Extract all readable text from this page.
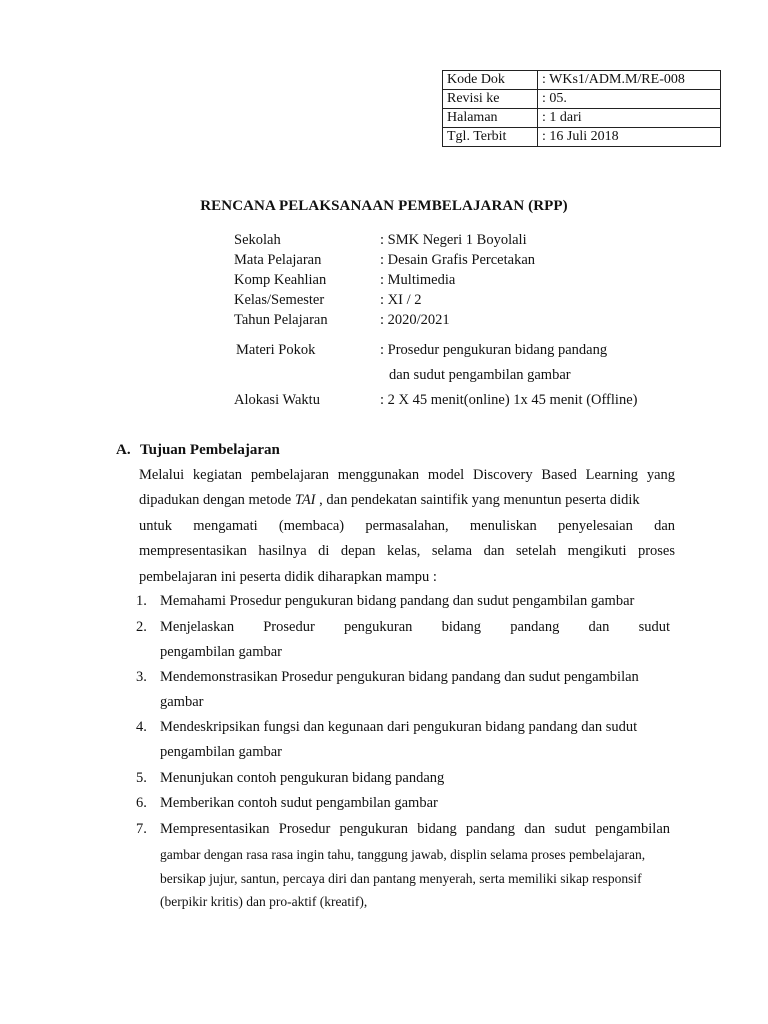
Kode Dok	: WKs1/ADM.M/RE-008
Revisi ke	: 05.
Halaman	: 1 dari
Tgl. Terbit	: 16 Juli 2018
RENCANA PELAKSANAAN PEMBELAJARAN (RPP)
Sekolah	: SMK Negeri 1 Boyolali
Mata Pelajaran	: Desain Grafis Percetakan
Komp Keahlian	: Multimedia
Kelas/Semester	: XI / 2
Tahun Pelajaran	: 2020/2021
Materi Pokok	: Prosedur pengukuran bidang pandang
dan sudut pengambilan gambar
Alokasi Waktu	: 2 X 45 menit(online) 1x 45 menit (Offline)
A. Tujuan Pembelajaran
Melalui kegiatan pembelajaran menggunakan model Discovery Based Learning yang
dipadukan dengan metode TAI , dan pendekatan saintifik yang menuntun peserta didik
untuk mengamati (membaca) permasalahan, menuliskan penyelesaian dan
mempresentasikan hasilnya di depan kelas, selama dan setelah mengikuti proses
pembelajaran ini peserta didik diharapkan mampu :
1. Memahami Prosedur pengukuran bidang pandang dan sudut pengambilan gambar
2. Menjelaskan Prosedur pengukuran bidang pandang dan sudut
pengambilan gambar
3. Mendemonstrasikan Prosedur pengukuran bidang pandang dan sudut pengambilan
gambar
4. Mendeskripsikan fungsi dan kegunaan dari pengukuran bidang pandang dan sudut
pengambilan gambar
5. Menunjukan contoh pengukuran bidang pandang
6. Memberikan contoh sudut pengambilan gambar
7. Mempresentasikan Prosedur pengukuran bidang pandang dan sudut pengambilan
gambar dengan rasa rasa ingin tahu, tanggung jawab, displin selama proses pembelajaran,
bersikap jujur, santun, percaya diri dan pantang menyerah, serta memiliki sikap responsif
(berpikir kritis) dan pro-aktif (kreatif),
